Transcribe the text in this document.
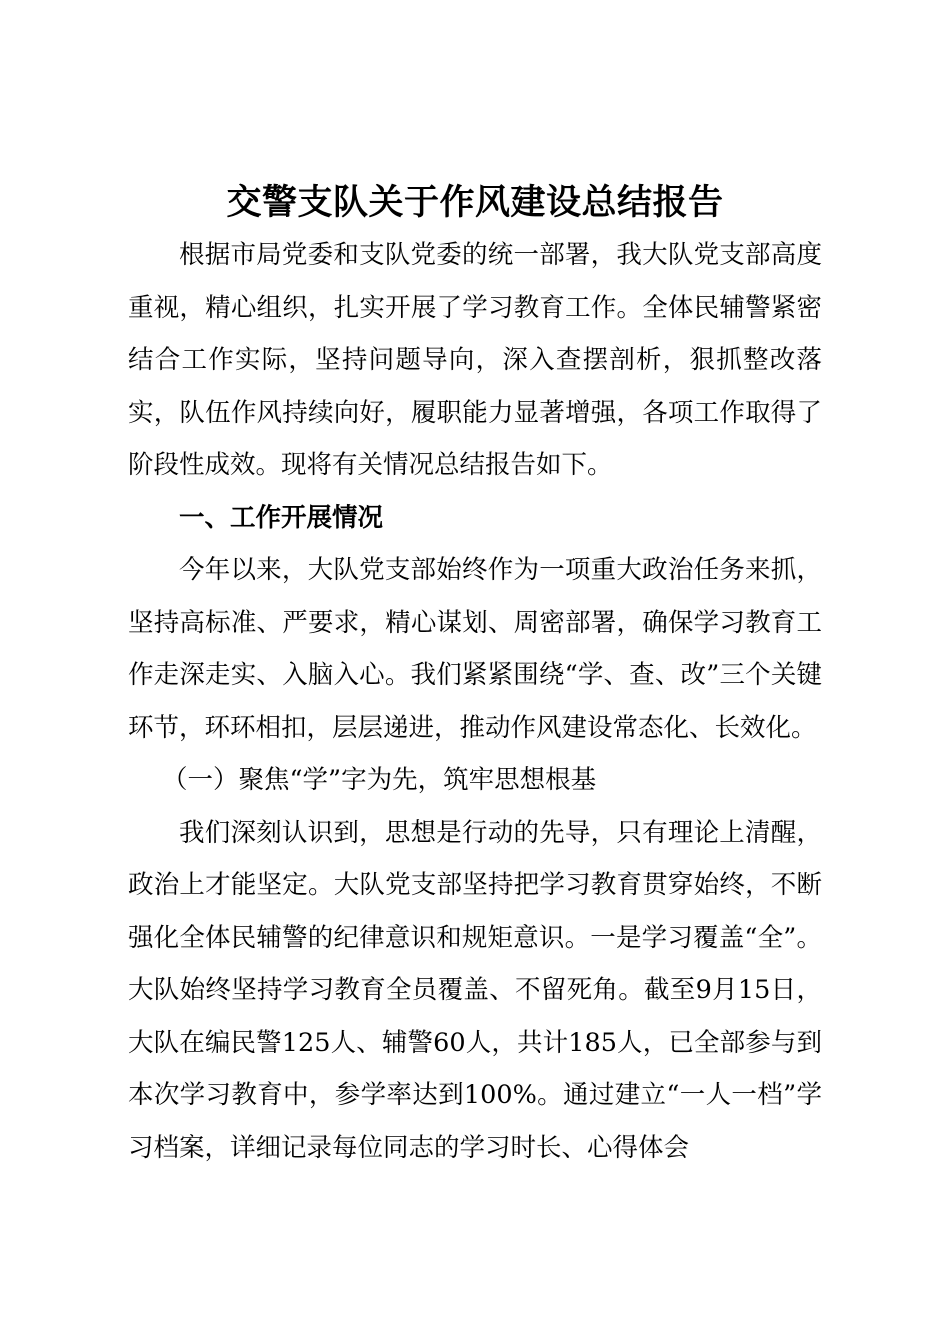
交警支队关于作风建设总结报告

根据市局党委和支队党委的统一部署，我大队党支部高度重视，精心组织，扎实开展了学习教育工作。全体民辅警紧密结合工作实际，坚持问题导向，深入查摆剖析，狠抓整改落实，队伍作风持续向好，履职能力显著增强，各项工作取得了阶段性成效。现将有关情况总结报告如下。

一、工作开展情况

今年以来，大队党支部始终作为一项重大政治任务来抓，坚持高标准、严要求，精心谋划、周密部署，确保学习教育工作走深走实、入脑入心。我们紧紧围绕“学、查、改”三个关键环节，环环相扣，层层递进，推动作风建设常态化、长效化。

（一）聚焦“学”字为先，筑牢思想根基

我们深刻认识到，思想是行动的先导，只有理论上清醒，政治上才能坚定。大队党支部坚持把学习教育贯穿始终，不断强化全体民辅警的纪律意识和规矩意识。一是学习覆盖“全”。大队始终坚持学习教育全员覆盖、不留死角。截至9月15日，大队在编民警125人、辅警60人，共计185人，已全部参与到本次学习教育中，参学率达到100%。通过建立“一人一档”学习档案，详细记录每位同志的学习时长、心得体会
